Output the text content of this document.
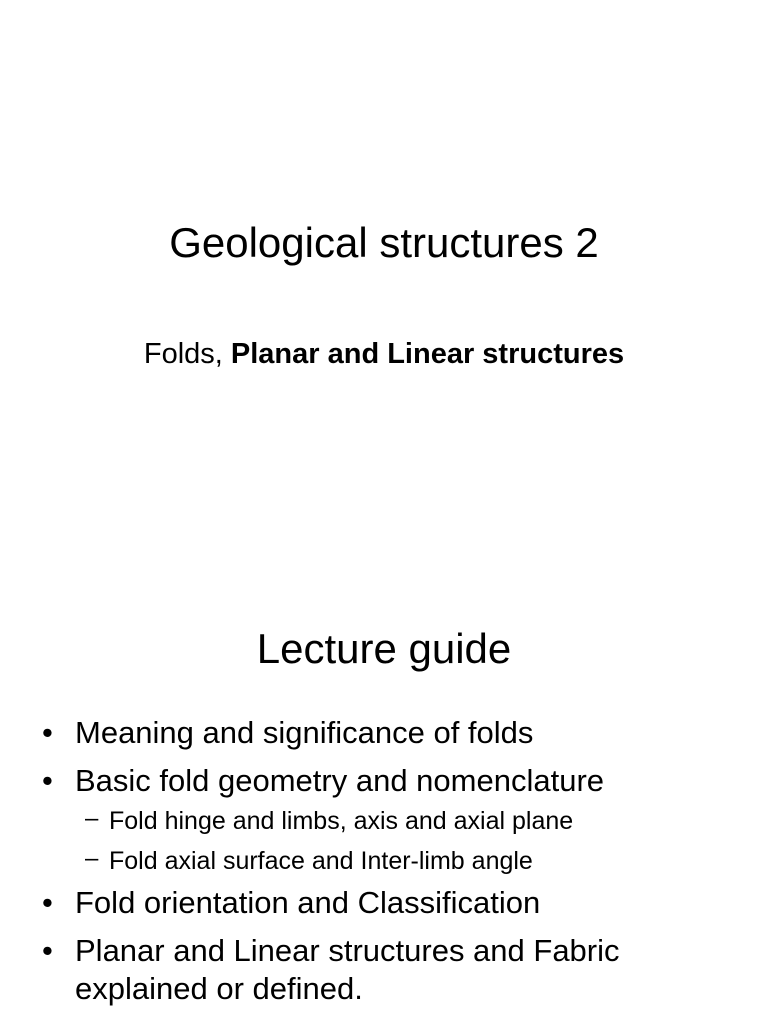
Geological structures 2

Folds, Planar and Linear structures

Lecture guide
• Meaning and significance of folds
• Basic fold geometry and nomenclature
– Fold hinge and limbs, axis and axial plane
– Fold axial surface and Inter-limb angle
• Fold orientation and Classification
• Planar and Linear structures and Fabric explained or defined.
